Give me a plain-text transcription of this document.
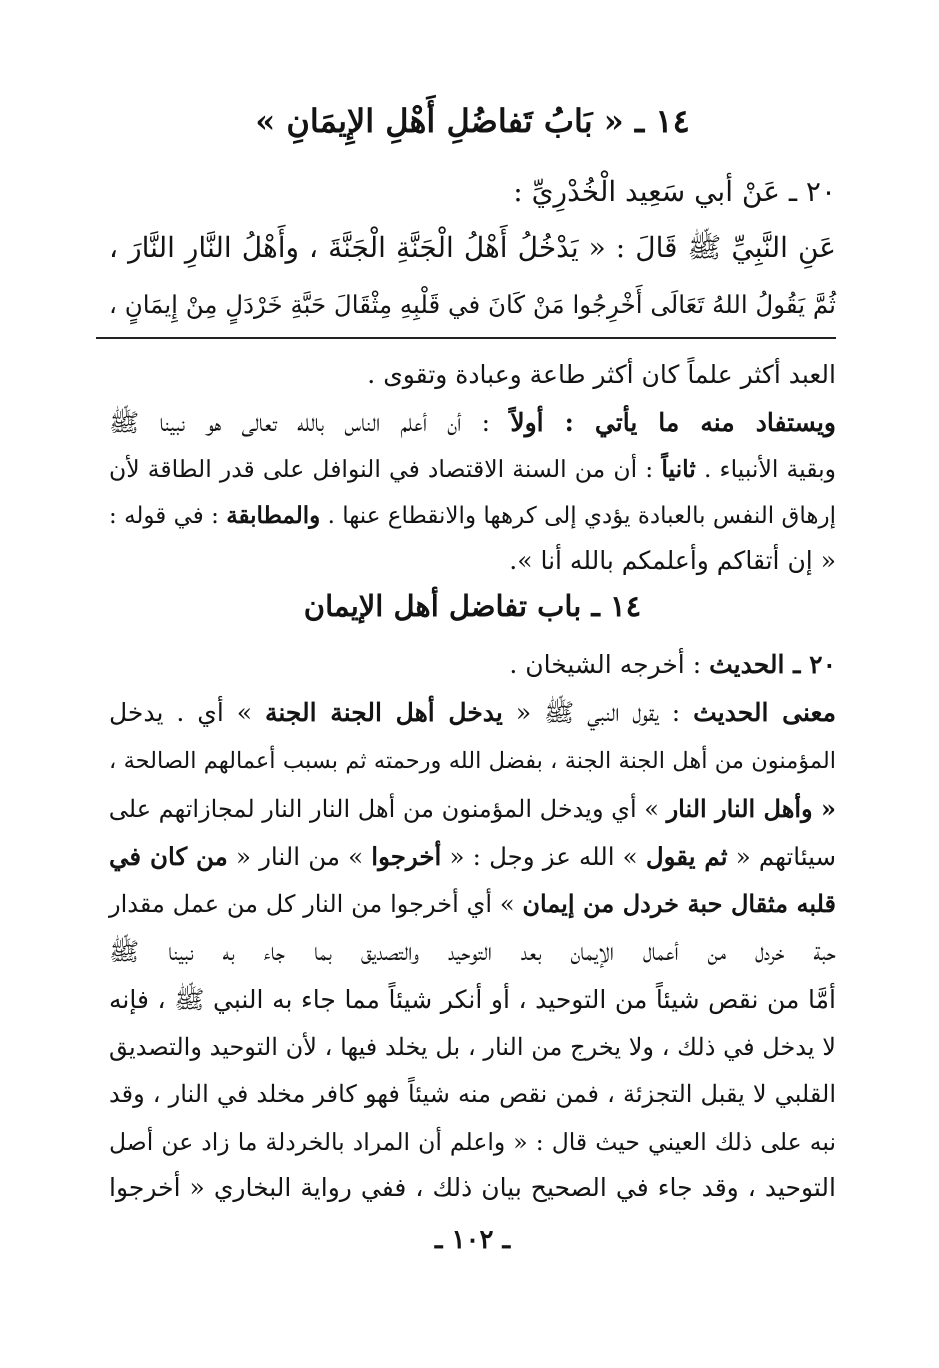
١٤ ـ « بَابُ تَفاضُلِ أَهْلِ الإِيمَانِ »
٢٠ ـ عَنْ أبي سَعِيد الْخُدْرِيِّ :
عَنِ النَّبِيِّ ﷺ قَالَ : « يَدْخُلُ أَهْلُ الْجَنَّةِ الْجَنَّةَ ، وأَهْلُ النَّارِ النَّارَ ،
ثُمَّ يَقُولُ اللهُ تَعَالَى أَخْرِجُوا مَنْ كَانَ في قَلْبِهِ مِثْقَالَ حَبَّةِ خَرْدَلٍ مِنْ إِيمَانٍ ،
العبد أكثر علماً كان أكثر طاعة وعبادة وتقوى .
ويستفاد منه ما يأتي : أولاً : أن أعلم الناس بالله تعالى هو نبينا ﷺ
وبقية الأنبياء . ثانياً : أن من السنة الاقتصاد في النوافل على قدر الطاقة لأن
إرهاق النفس بالعبادة يؤدي إلى كرهها والانقطاع عنها . والمطابقة : في قوله :
« إن أتقاكم وأعلمكم بالله أنا ».
١٤ ـ باب تفاضل أهل الإيمان
٢٠ ـ الحديث : أخرجه الشيخان .
معنى الحديث : يقول النبي ﷺ « يدخل أهل الجنة الجنة » أي . يدخل
المؤمنون من أهل الجنة الجنة ، بفضل الله ورحمته ثم بسبب أعمالهم الصالحة ،
« وأهل النار النار » أي ويدخل المؤمنون من أهل النار النار لمجازاتهم على
سيئاتهم « ثم يقول » الله عز وجل : « أخرجوا » من النار « من كان في
قلبه مثقال حبة خردل من إيمان » أي أخرجوا من النار كل من عمل مقدار
حبة خردل من أعمال الإيمان بعد التوحيد والتصديق بما جاء به نبينا ﷺ
أمَّا من نقص شيئاً من التوحيد ، أو أنكر شيئاً مما جاء به النبي ﷺ ، فإنه
لا يدخل في ذلك ، ولا يخرج من النار ، بل يخلد فيها ، لأن التوحيد والتصديق
القلبي لا يقبل التجزئة ، فمن نقص منه شيئاً فهو كافر مخلد في النار ، وقد
نبه على ذلك العيني حيث قال : « واعلم أن المراد بالخردلة ما زاد عن أصل
التوحيد ، وقد جاء في الصحيح بيان ذلك ، ففي رواية البخاري « أخرجوا
ـ ١٠٢ ـ
